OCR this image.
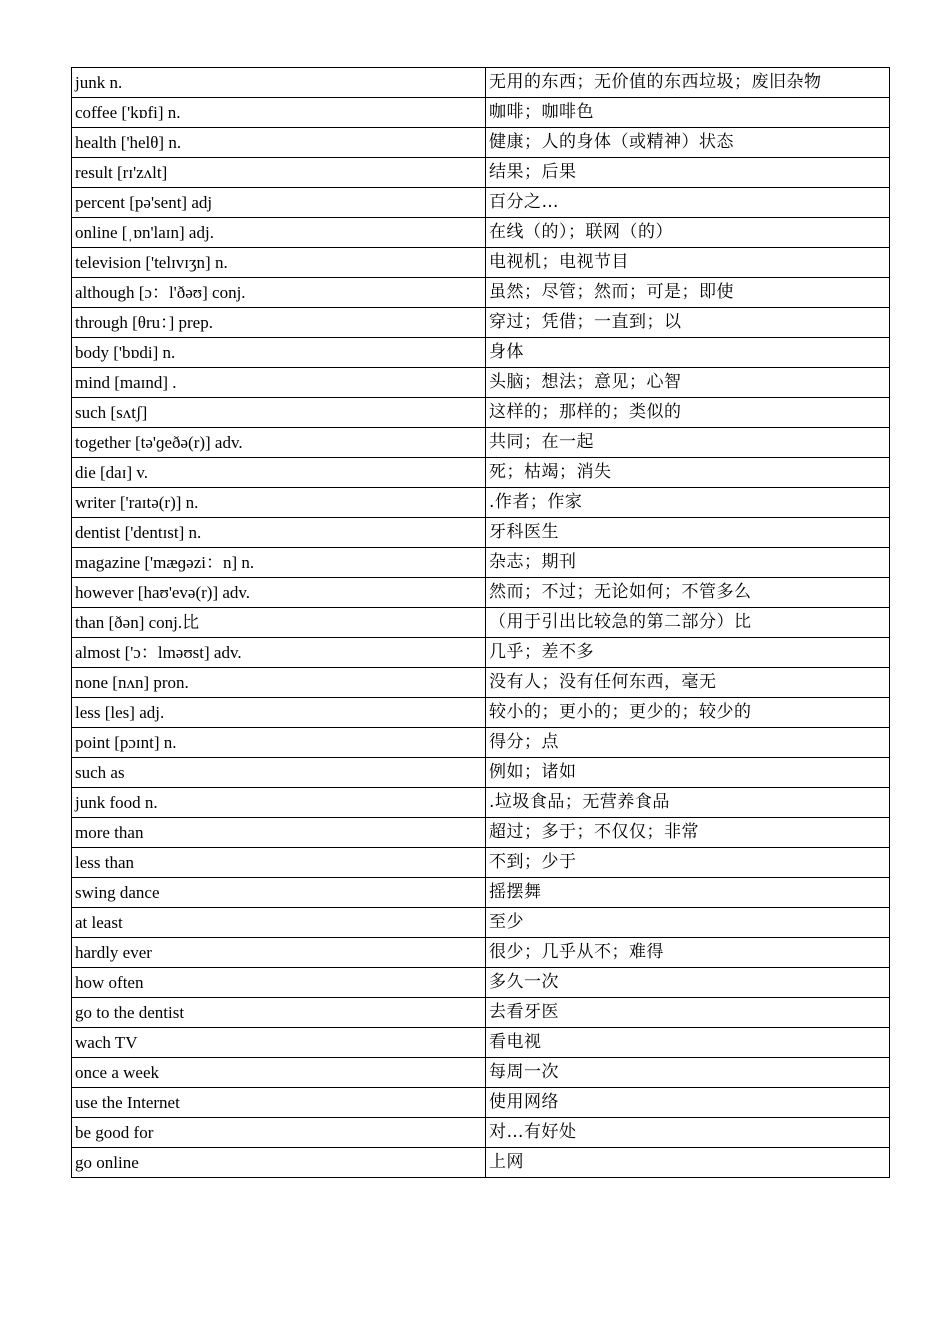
junk n.	无用的东西；无价值的东西垃圾；废旧杂物
coffee ['kɒfi] n.	咖啡；咖啡色
health ['helθ] n.	健康；人的身体（或精神）状态
result [rɪ'zʌlt]	结果；后果
percent [pə'sent] adj	百分之…
online [ˌɒn'laɪn] adj.	在线（的）；联网（的）
television ['telɪvɪʒn] n.	电视机；电视节目
although [ɔ：l'ðəʊ] conj.	虽然；尽管；然而；可是；即使
through [θru：] prep.	穿过；凭借；一直到；以
body ['bɒdi] n.	身体
mind [maɪnd] .	头脑；想法；意见；心智
such [sʌtʃ]	这样的；那样的；类似的
together [tə'ɡeðə(r)] adv.	共同；在一起
die [daɪ] v.	死；枯竭；消失
writer ['raɪtə(r)] n.	.作者；作家
dentist ['dentɪst] n.	牙科医生
magazine ['mæɡəzi：n] n.	杂志；期刊
however [haʊ'evə(r)] adv.	然而；不过；无论如何；不管多么
than [ðən] conj.比	（用于引出比较急的第二部分）比
almost ['ɔ：lməʊst] adv.	几乎；差不多
none [nʌn] pron.	没有人；没有任何东西，毫无
less [les] adj.	较小的；更小的；更少的；较少的
point [pɔɪnt] n.	得分；点
such as	例如；诸如
junk food n.	.垃圾食品；无营养食品
more than	超过；多于；不仅仅；非常
less than	不到；少于
swing dance	摇摆舞
at least	至少
hardly ever	很少；几乎从不；难得
how often	多久一次
go to the dentist	去看牙医
wach TV	看电视
once a week	每周一次
use the Internet	使用网络
be good for	对…有好处
go online	上网
